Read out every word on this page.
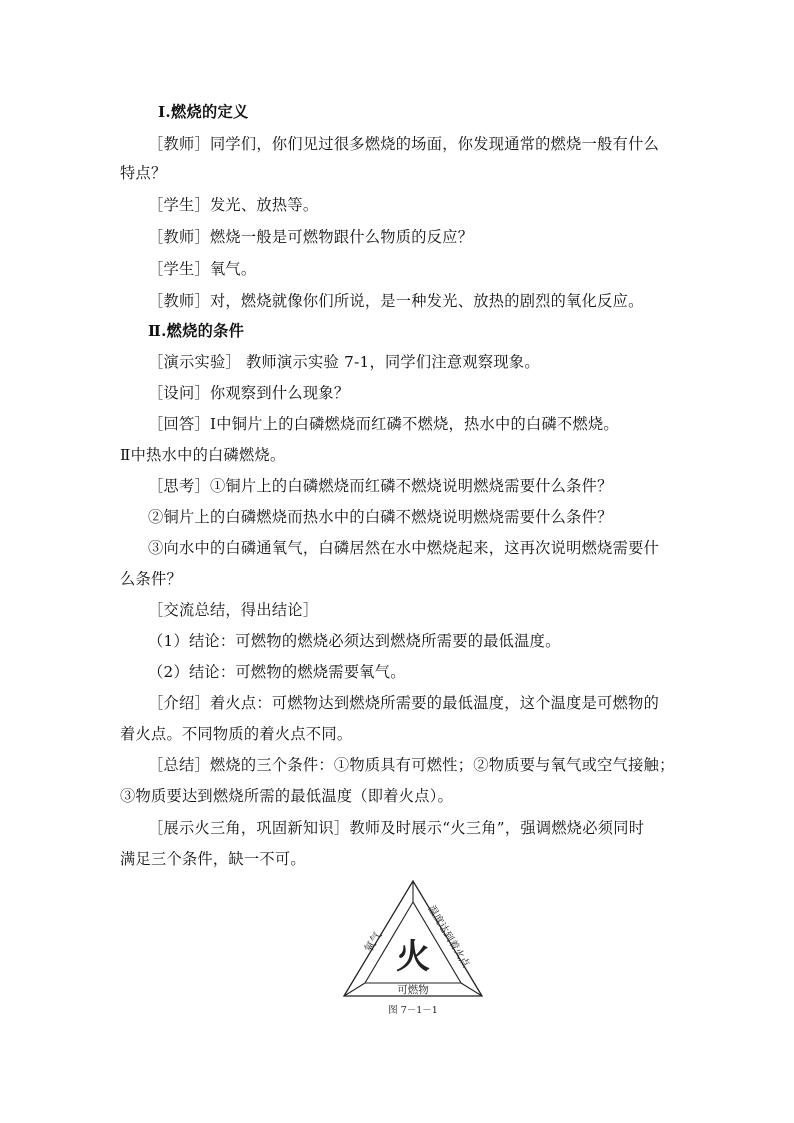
Ⅰ.燃烧的定义
［教师］同学们，你们见过很多燃烧的场面，你发现通常的燃烧一般有什么
特点？
［学生］发光、放热等。
［教师］燃烧一般是可燃物跟什么物质的反应？
［学生］氧气。
［教师］对，燃烧就像你们所说，是一种发光、放热的剧烈的氧化反应。
Ⅱ.燃烧的条件
［演示实验］ 教师演示实验 7-1，同学们注意观察现象。
［设问］你观察到什么现象？
［回答］Ⅰ中铜片上的白磷燃烧而红磷不燃烧，热水中的白磷不燃烧。
Ⅱ中热水中的白磷燃烧。
［思考］①铜片上的白磷燃烧而红磷不燃烧说明燃烧需要什么条件？
②铜片上的白磷燃烧而热水中的白磷不燃烧说明燃烧需要什么条件？
③向水中的白磷通氧气，白磷居然在水中燃烧起来，这再次说明燃烧需要什
么条件？
［交流总结，得出结论］
（1）结论：可燃物的燃烧必须达到燃烧所需要的最低温度。
（2）结论：可燃物的燃烧需要氧气。
［介绍］着火点：可燃物达到燃烧所需要的最低温度，这个温度是可燃物的
着火点。不同物质的着火点不同。
［总结］燃烧的三个条件：①物质具有可燃性；②物质要与氧气或空气接触；
③物质要达到燃烧所需的最低温度（即着火点）。
［展示火三角，巩固新知识］教师及时展示“火三角”，强调燃烧必须同时
满足三个条件，缺一不可。
氧气	温度达到着火点
可燃物
火
图 7－1－1
